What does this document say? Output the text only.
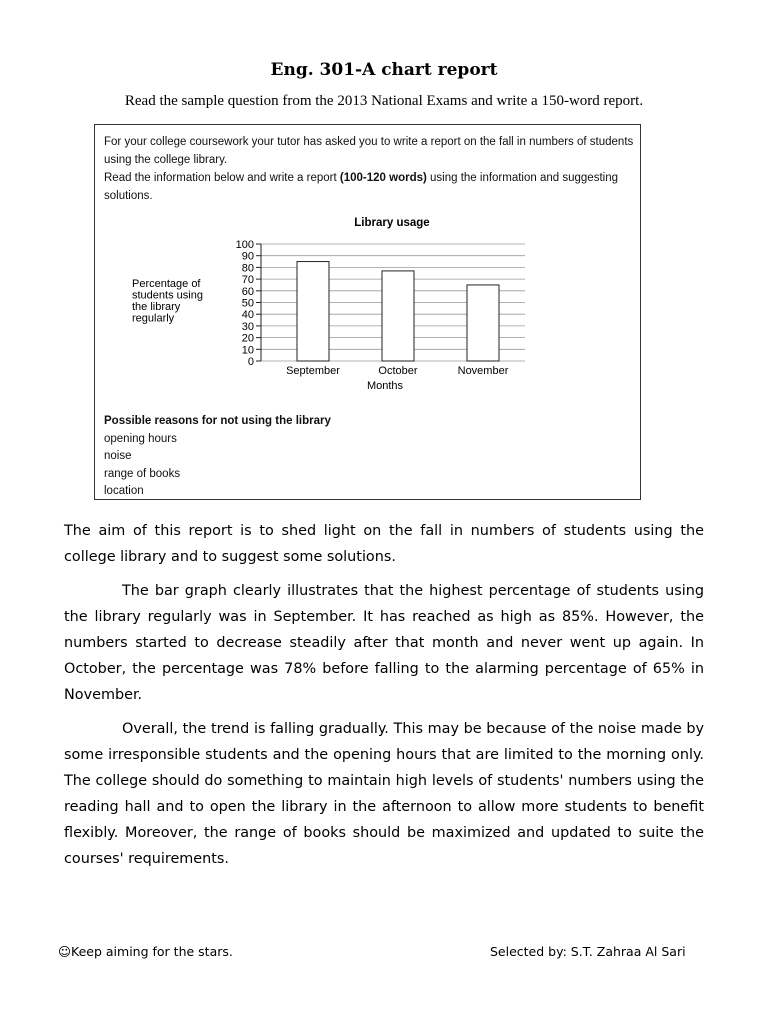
Eng. 301-A chart report
Read the sample question from the 2013 National Exams and write a 150-word report.

For your college coursework your tutor has asked you to write a report on the fall in numbers of students using the college library.

Read the information below and write a report (100-120 words) using the information and suggesting solutions.

Library usage
Percentage of
students using
the library
regularly
0
10
20
30
40
50
60
70
80
90
100
September	October	November
Months
Possible reasons for not using the library
opening hours
noise
range of books
location

The aim of this report is to shed light on the fall in numbers of students using the college library and to suggest some solutions.

The bar graph clearly illustrates that the highest percentage of students using the library regularly was in September. It has reached as high as 85%. However, the numbers started to decrease steadily after that month and never went up again. In October, the percentage was 78% before falling to the alarming percentage of 65% in November.

Overall, the trend is falling gradually. This may be because of the noise made by some irresponsible students and the opening hours that are limited to the morning only. The college should do something to maintain high levels of students' numbers using the reading hall and to open the library in the afternoon to allow more students to benefit flexibly. Moreover, the range of books should be maximized and updated to suite the courses' requirements.

☺Keep aiming for the stars.	Selected by: S.T. Zahraa Al Sari
